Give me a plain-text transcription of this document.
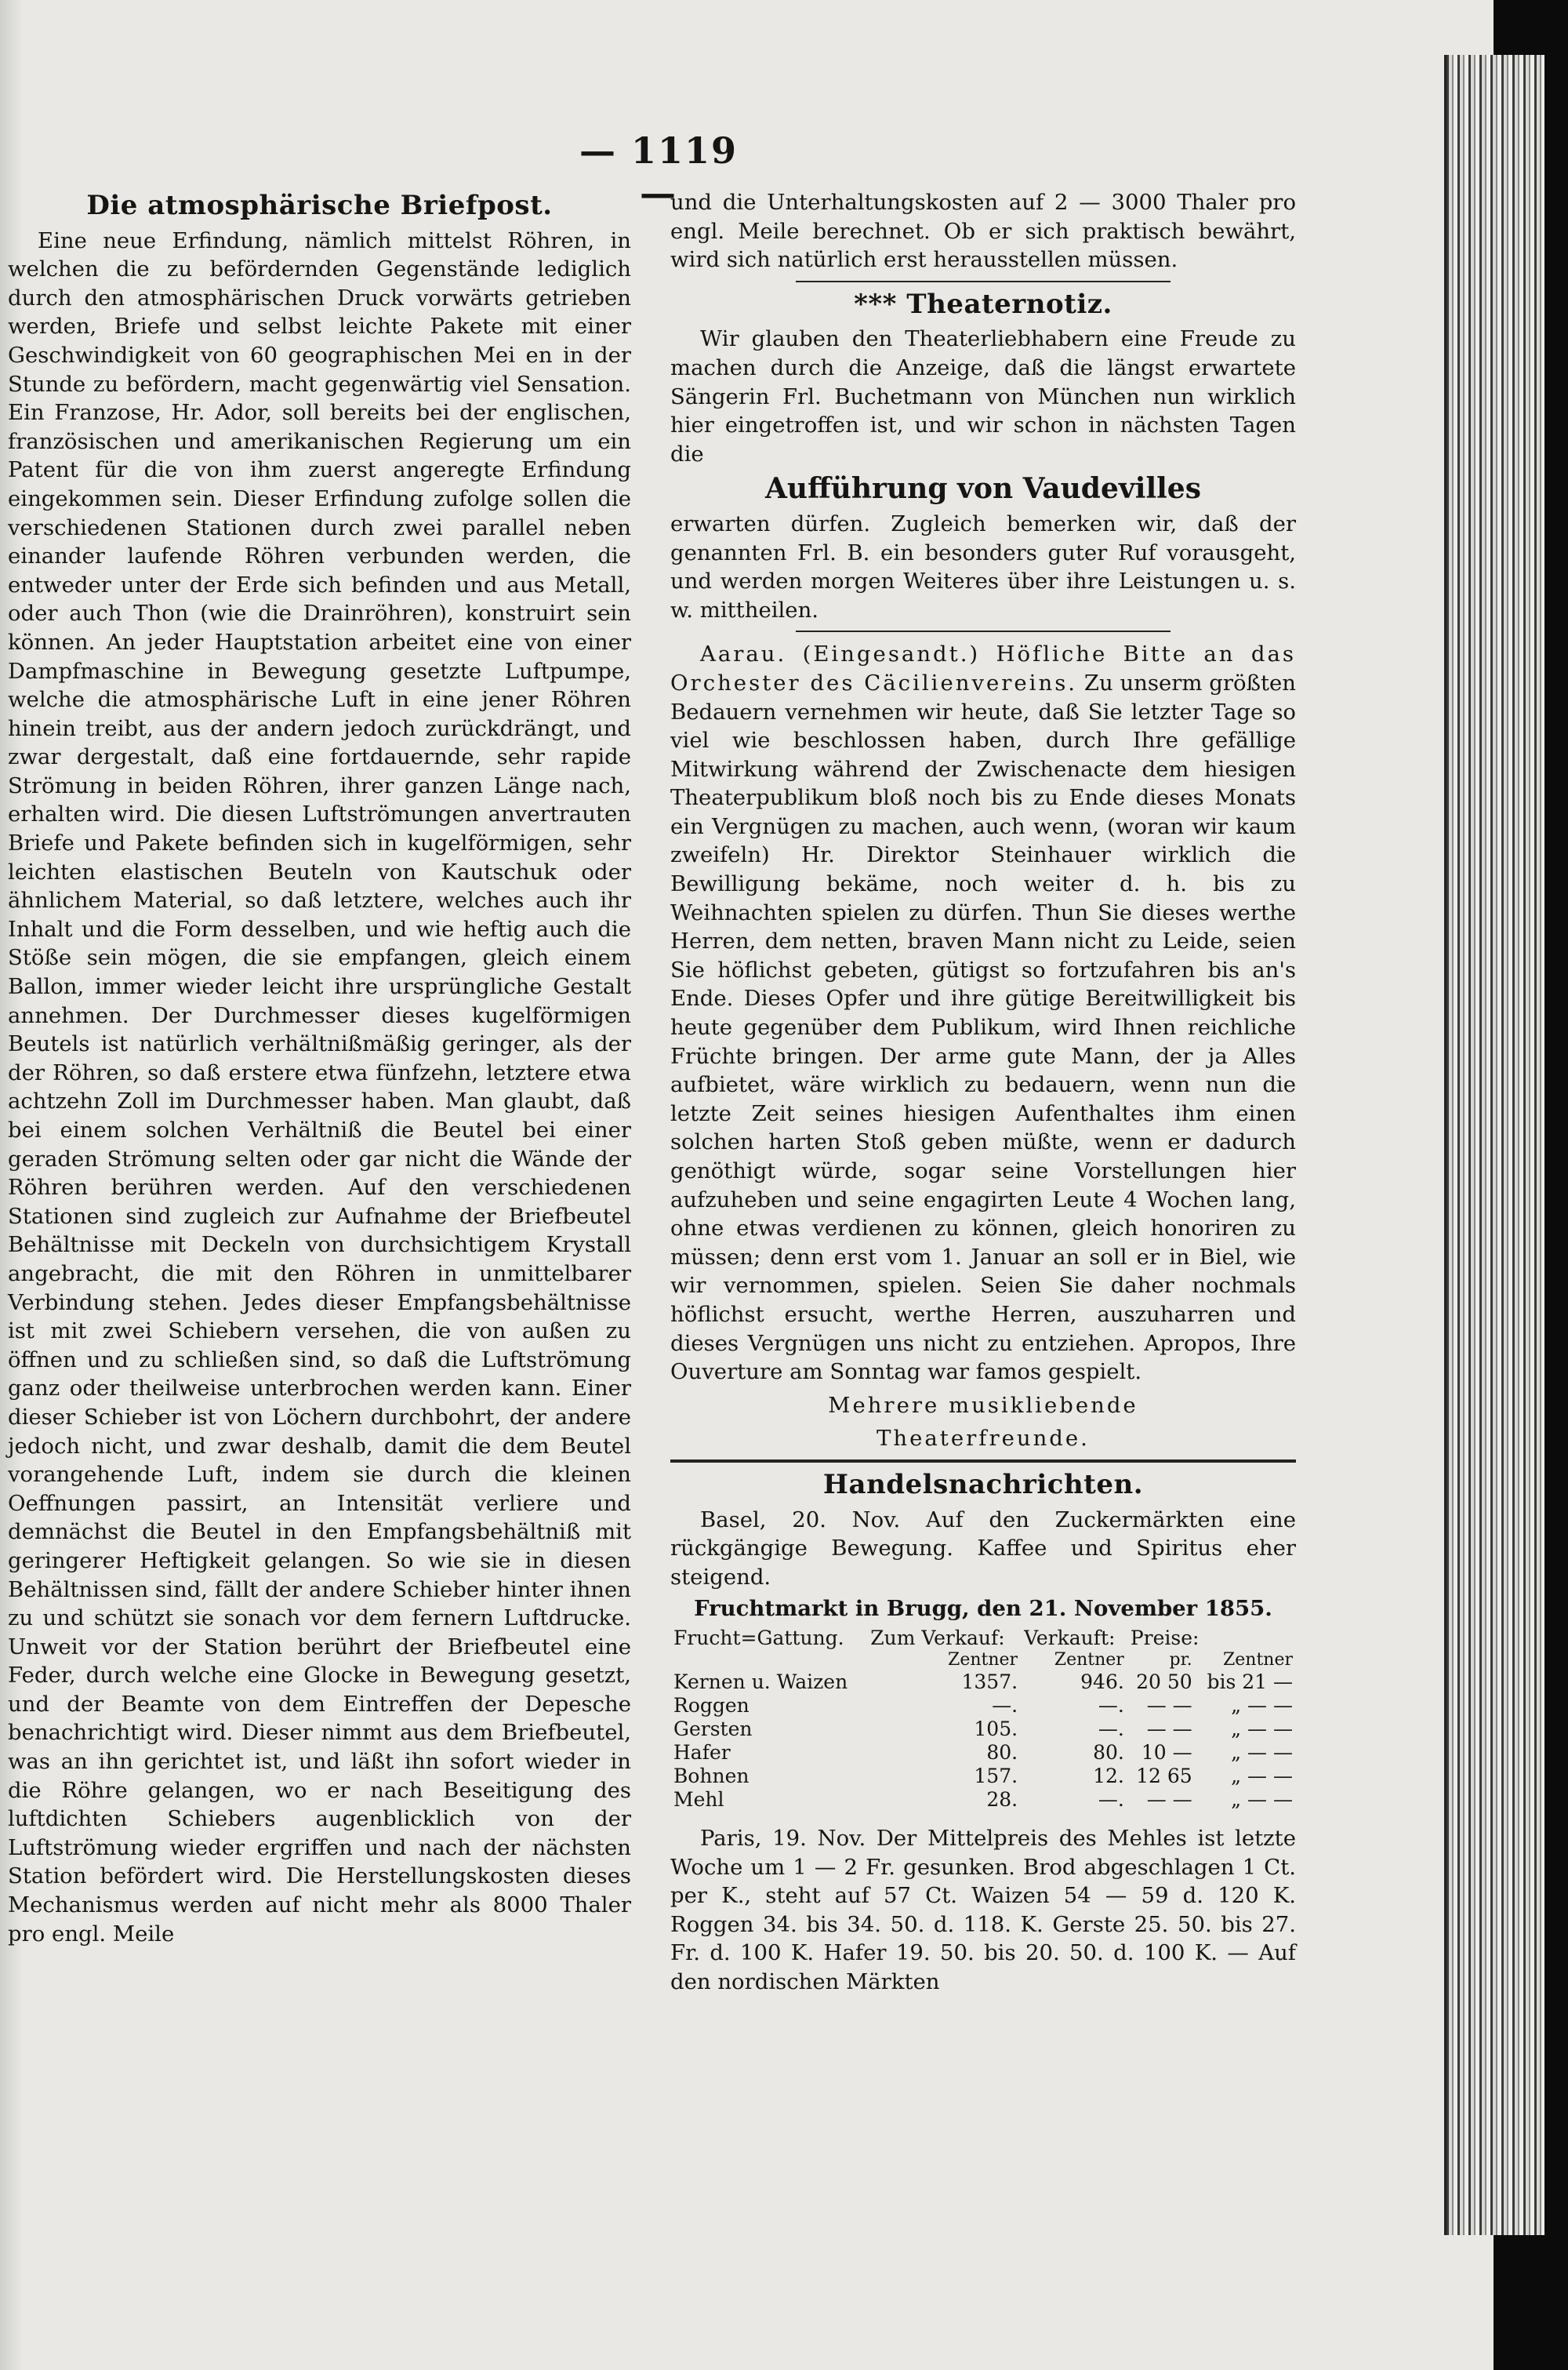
— 1119 —
Die atmosphärische Briefpost.

Eine neue Erfindung, nämlich mittelst Röhren, in welchen die zu befördernden Gegenstände lediglich durch den atmosphärischen Druck vorwärts getrieben werden, Briefe und selbst leichte Pakete mit einer Geschwindigkeit von 60 geographischen Mei en in der Stunde zu befördern, macht gegenwärtig viel Sensation. Ein Franzose, Hr. Ador, soll bereits bei der englischen, französischen und amerikanischen Regierung um ein Patent für die von ihm zuerst angeregte Erfindung eingekommen sein. Dieser Erfindung zufolge sollen die verschiedenen Stationen durch zwei parallel neben einander laufende Röhren verbunden werden, die entweder unter der Erde sich befinden und aus Metall, oder auch Thon (wie die Drainröhren), konstruirt sein können. An jeder Hauptstation arbeitet eine von einer Dampfmaschine in Bewegung gesetzte Luftpumpe, welche die atmosphärische Luft in eine jener Röhren hinein treibt, aus der andern jedoch zurückdrängt, und zwar dergestalt, daß eine fortdauernde, sehr rapide Strömung in beiden Röhren, ihrer ganzen Länge nach, erhalten wird. Die diesen Luftströmungen anvertrauten Briefe und Pakete befinden sich in kugelförmigen, sehr leichten elastischen Beuteln von Kautschuk oder ähnlichem Material, so daß letztere, welches auch ihr Inhalt und die Form desselben, und wie heftig auch die Stöße sein mögen, die sie empfangen, gleich einem Ballon, immer wieder leicht ihre ursprüngliche Gestalt annehmen. Der Durchmesser dieses kugelförmigen Beutels ist natürlich verhältnißmäßig geringer, als der der Röhren, so daß erstere etwa fünfzehn, letztere etwa achtzehn Zoll im Durchmesser haben. Man glaubt, daß bei einem solchen Verhältniß die Beutel bei einer geraden Strömung selten oder gar nicht die Wände der Röhren berühren werden. Auf den verschiedenen Stationen sind zugleich zur Aufnahme der Briefbeutel Behältnisse mit Deckeln von durchsichtigem Krystall angebracht, die mit den Röhren in unmittelbarer Verbindung stehen. Jedes dieser Empfangsbehältnisse ist mit zwei Schiebern versehen, die von außen zu öffnen und zu schließen sind, so daß die Luftströmung ganz oder theilweise unterbrochen werden kann. Einer dieser Schieber ist von Löchern durchbohrt, der andere jedoch nicht, und zwar deshalb, damit die dem Beutel vorangehende Luft, indem sie durch die kleinen Oeffnungen passirt, an Intensität verliere und demnächst die Beutel in den Empfangsbehältniß mit geringerer Heftigkeit gelangen. So wie sie in diesen Behältnissen sind, fällt der andere Schieber hinter ihnen zu und schützt sie sonach vor dem fernern Luftdrucke. Unweit vor der Station berührt der Briefbeutel eine Feder, durch welche eine Glocke in Bewegung gesetzt, und der Beamte von dem Eintreffen der Depesche benachrichtigt wird. Dieser nimmt aus dem Briefbeutel, was an ihn gerichtet ist, und läßt ihn sofort wieder in die Röhre gelangen, wo er nach Beseitigung des luftdichten Schiebers augenblicklich von der Luftströmung wieder ergriffen und nach der nächsten Station befördert wird. Die Herstellungskosten dieses Mechanismus werden auf nicht mehr als 8000 Thaler pro engl. Meile

und die Unterhaltungskosten auf 2 — 3000 Thaler pro engl. Meile berechnet. Ob er sich praktisch bewährt, wird sich natürlich erst herausstellen müssen.

*** Theaternotiz.

Wir glauben den Theaterliebhabern eine Freude zu machen durch die Anzeige, daß die längst erwartete Sängerin Frl. Buchetmann von München nun wirklich hier eingetroffen ist, und wir schon in nächsten Tagen die

Aufführung von Vaudevilles

erwarten dürfen. Zugleich bemerken wir, daß der genannten Frl. B. ein besonders guter Ruf vorausgeht, und werden morgen Weiteres über ihre Leistungen u. s. w. mittheilen.

Aarau. (Eingesandt.) Höfliche Bitte an das Orchester des Cäcilienvereins. Zu unserm größten Bedauern vernehmen wir heute, daß Sie letzter Tage so viel wie beschlossen haben, durch Ihre gefällige Mitwirkung während der Zwischenacte dem hiesigen Theaterpublikum bloß noch bis zu Ende dieses Monats ein Vergnügen zu machen, auch wenn, (woran wir kaum zweifeln) Hr. Direktor Steinhauer wirklich die Bewilligung bekäme, noch weiter d. h. bis zu Weihnachten spielen zu dürfen. Thun Sie dieses werthe Herren, dem netten, braven Mann nicht zu Leide, seien Sie höflichst gebeten, gütigst so fortzufahren bis an's Ende. Dieses Opfer und ihre gütige Bereitwilligkeit bis heute gegenüber dem Publikum, wird Ihnen reichliche Früchte bringen. Der arme gute Mann, der ja Alles aufbietet, wäre wirklich zu bedauern, wenn nun die letzte Zeit seines hiesigen Aufenthaltes ihm einen solchen harten Stoß geben müßte, wenn er dadurch genöthigt würde, sogar seine Vorstellungen hier aufzuheben und seine engagirten Leute 4 Wochen lang, ohne etwas verdienen zu können, gleich honoriren zu müssen; denn erst vom 1. Januar an soll er in Biel, wie wir vernommen, spielen. Seien Sie daher nochmals höflichst ersucht, werthe Herren, auszuharren und dieses Vergnügen uns nicht zu entziehen. Apropos, Ihre Ouverture am Sonntag war famos gespielt.

Mehrere musikliebende
Theaterfreunde.
Handelsnachrichten.

Basel, 20. Nov. Auf den Zuckermärkten eine rückgängige Bewegung. Kaffee und Spiritus eher steigend.

Fruchtmarkt in Brugg, den 21. November 1855.
Frucht=Gattung.	Zum Verkauf:	Verkauft:	Preise:	
	Zentner	Zentner	pr.	Zentner
Kernen u. Waizen	1357.	946.	20 50	bis 21 —
Roggen	—.	—.	— —	„ — —
Gersten	105.	—.	— —	„ — —
Hafer	80.	80.	10 —	„ — —
Bohnen	157.	12.	12 65	„ — —
Mehl	28.	—.	— —	„ — —

Paris, 19. Nov. Der Mittelpreis des Mehles ist letzte Woche um 1 — 2 Fr. gesunken. Brod abgeschlagen 1 Ct. per K., steht auf 57 Ct. Waizen 54 — 59 d. 120 K. Roggen 34. bis 34. 50. d. 118. K. Gerste 25. 50. bis 27. Fr. d. 100 K. Hafer 19. 50. bis 20. 50. d. 100 K. — Auf den nordischen Märkten
